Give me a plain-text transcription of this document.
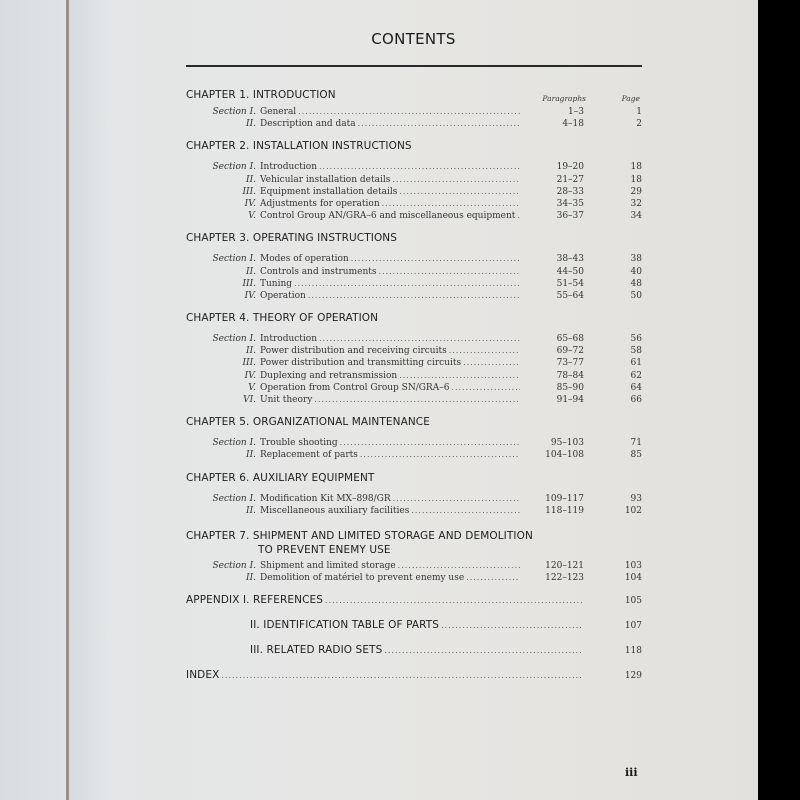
CONTENTS
CHAPTER 1. INTRODUCTION	Paragraphs	Page
Section I. General .....	1–3	1
II. Description and data .....	4–18	2
CHAPTER 2. INSTALLATION INSTRUCTIONS
Section I. Introduction .....	19–20	18
II. Vehicular installation details .....	21–27	18
III. Equipment installation details .....	28–33	29
IV. Adjustments for operation .....	34–35	32
V. Control Group AN/GRA–6 and miscellaneous equipment .....	36–37	34
CHAPTER 3. OPERATING INSTRUCTIONS
Section I. Modes of operation .....	38–43	38
II. Controls and instruments .....	44–50	40
III. Tuning .....	51–54	48
IV. Operation .....	55–64	50
CHAPTER 4. THEORY OF OPERATION
Section I. Introduction .....	65–68	56
II. Power distribution and receiving circuits .....	69–72	58
III. Power distribution and transmitting circuits .....	73–77	61
IV. Duplexing and retransmission .....	78–84	62
V. Operation from Control Group SN/GRA–6 .....	85–90	64
VI. Unit theory .....	91–94	66
CHAPTER 5. ORGANIZATIONAL MAINTENANCE
Section I. Trouble shooting .....	95–103	71
II. Replacement of parts .....	104–108	85
CHAPTER 6. AUXILIARY EQUIPMENT
Section I. Modification Kit MX–898/GR .....	109–117	93
II. Miscellaneous auxiliary facilities .....	118–119	102
CHAPTER 7. SHIPMENT AND LIMITED STORAGE AND DEMOLITION
TO PREVENT ENEMY USE
Section I. Shipment and limited storage .....	120–121	103
II. Demolition of matériel to prevent enemy use .....	122–123	104
APPENDIX I. REFERENCES .....	105
II. IDENTIFICATION TABLE OF PARTS .....	107
III. RELATED RADIO SETS .....	118
INDEX .....	129
iii
